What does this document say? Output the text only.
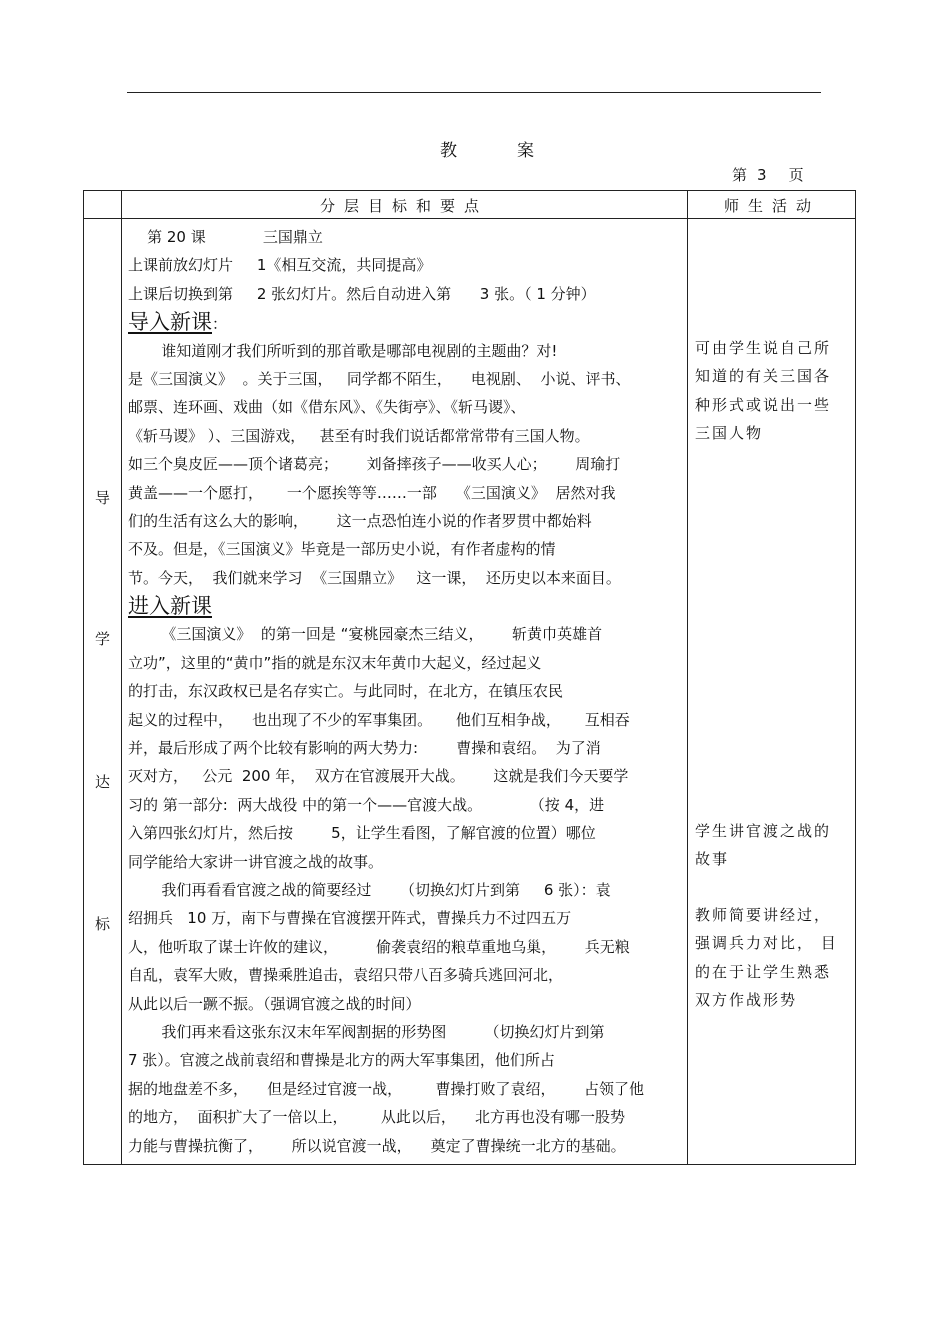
教案
第 3 页
分层目标和要点	师生活动
导
学
达
标
第 20 课            三国鼎立
上课前放幻灯片     1《相互交流，共同提高》
上课后切换到第     2 张幻灯片。然后自动进入第      3 张。（ 1 分钟）
导入新课：
谁知道刚才我们所听到的那首歌是哪部电视剧的主题曲？对!
是《三国演义》  。关于三国，   同学都不陌生，    电视剧、  小说、评书、
邮票、连环画、戏曲（如《借东风》、《失街亭》、《斩马谡》、
《斩马谡》 ）、三国游戏，   甚至有时我们说话都常常带有三国人物。
如三个臭皮匠——顶个诸葛亮；      刘备摔孩子——收买人心；      周瑜打
黄盖——一个愿打，     一个愿挨等等……一部    《三国演义》  居然对我
们的生活有这么大的影响，      这一点恐怕连小说的作者罗贯中都始料
不及。但是，《三国演义》毕竟是一部历史小说，有作者虚构的情
节。今天，  我们就来学习  《三国鼎立》   这一课，  还历史以本来面目。
进入新课
《三国演义》  的第一回是 “宴桃园豪杰三结义，      斩黄巾英雄首
立功”，这里的“黄巾”指的就是东汉末年黄巾大起义，经过起义
的打击，东汉政权已是名存实亡。与此同时，在北方，在镇压农民
起义的过程中，    也出现了不少的军事集团。     他们互相争战，     互相吞
并，最后形成了两个比较有影响的两大势力:        曹操和袁绍。  为了消
灭对方，   公元  200 年，  双方在官渡展开大战。      这就是我们今天要学
习的 第一部分:  两大战役 中的第一个——官渡大战。          （按 4，进
入第四张幻灯片，然后按        5，让学生看图，了解官渡的位置）哪位
同学能给大家讲一讲官渡之战的故事。
我们再看看官渡之战的简要经过      （切换幻灯片到第     6 张）：袁
绍拥兵   10 万，南下与曹操在官渡摆开阵式，曹操兵力不过四五万
人，他听取了谋士许攸的建议，        偷袭袁绍的粮草重地乌巢，      兵无粮
自乱，袁军大败，曹操乘胜追击，袁绍只带八百多骑兵逃回河北，
从此以后一蹶不振。（强调官渡之战的时间）
我们再来看这张东汉末年军阀割据的形势图        （切换幻灯片到第
7 张）。官渡之战前袁绍和曹操是北方的两大军事集团，他们所占
据的地盘差不多，    但是经过官渡一战，       曹操打败了袁绍，      占领了他
的地方，  面积扩大了一倍以上，       从此以后，    北方再也没有哪一股势
力能与曹操抗衡了，      所以说官渡一战，    奠定了曹操统一北方的基础。
可由学生说自己所知道的有关三国各种形式或说出一些三国人物
学生讲官渡之战的故事
教师简要讲经过，强调兵力对比， 目的在于让学生熟悉双方作战形势
